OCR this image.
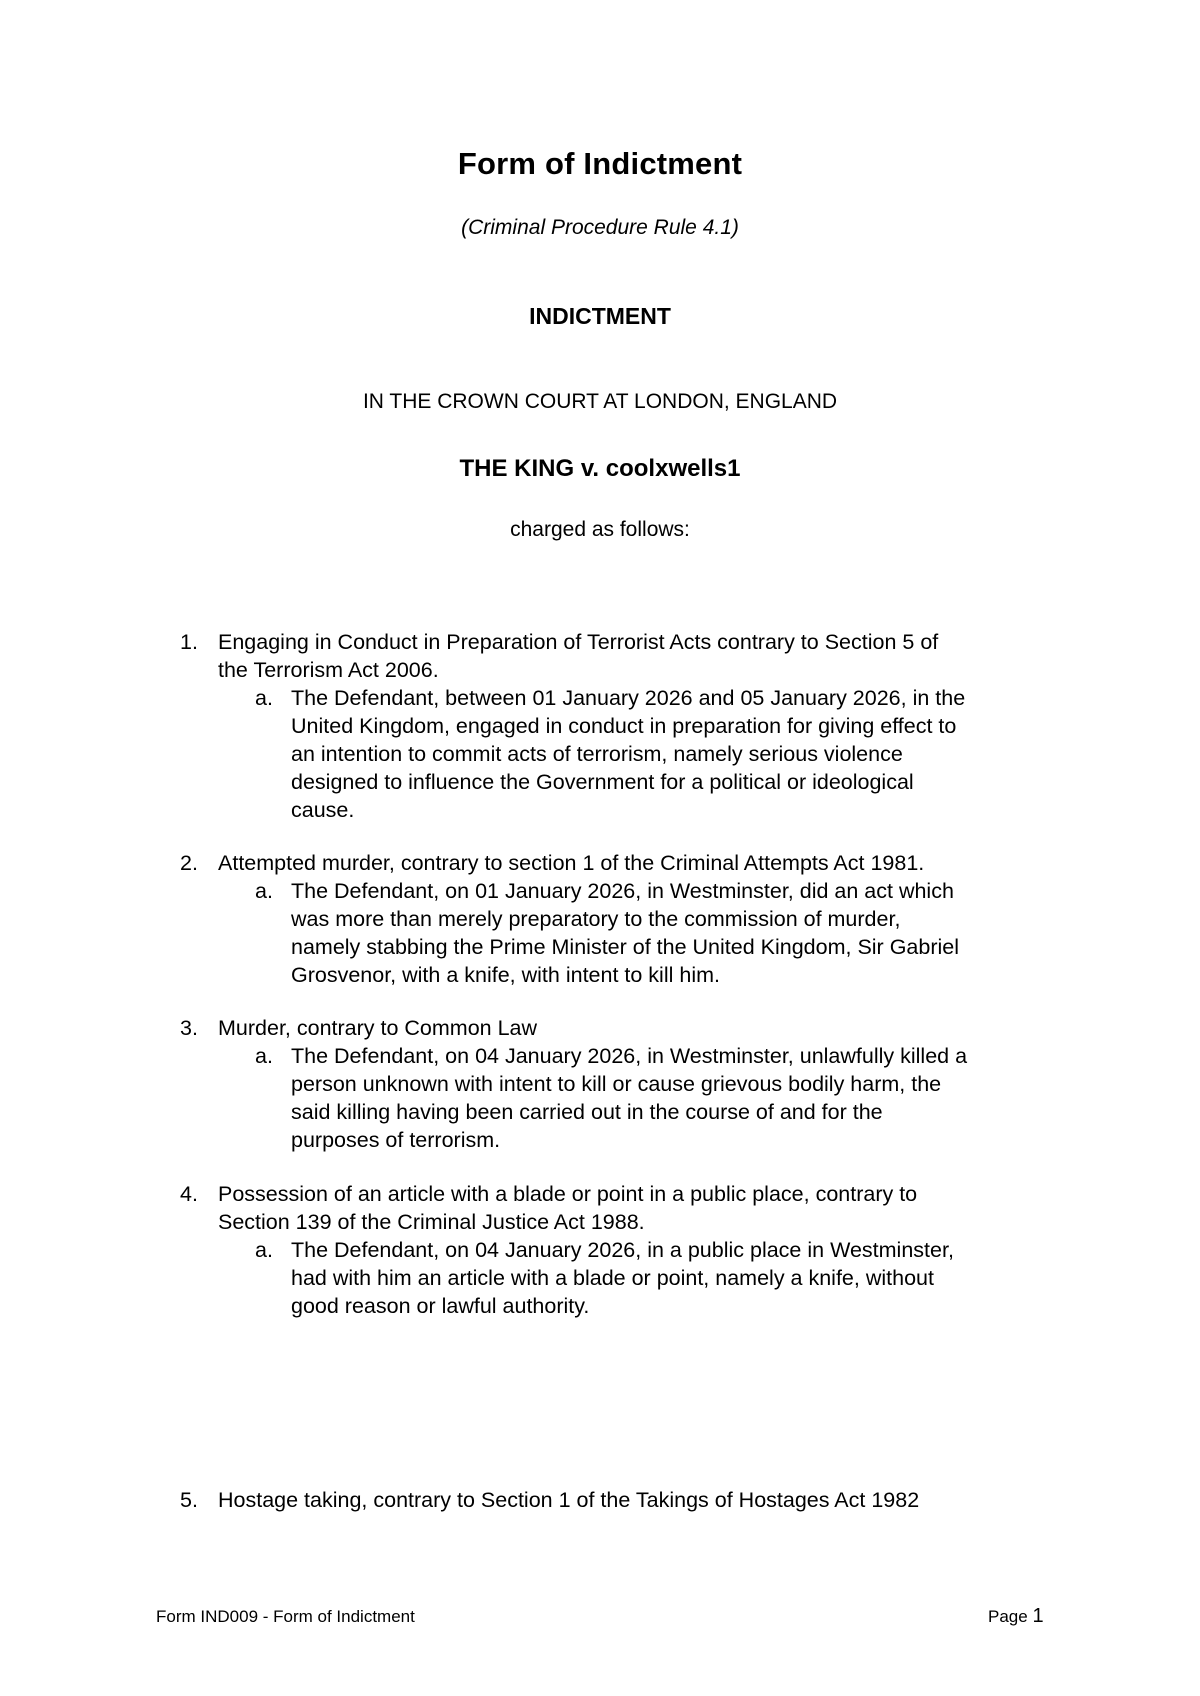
Form of Indictment
(Criminal Procedure Rule 4.1)
INDICTMENT
IN THE CROWN COURT AT LONDON, ENGLAND
THE KING v. coolxwells1
charged as follows:
1. Engaging in Conduct in Preparation of Terrorist Acts contrary to Section 5 of
the Terrorism Act 2006.
a. The Defendant, between 01 January 2026 and 05 January 2026, in the
United Kingdom, engaged in conduct in preparation for giving effect to
an intention to commit acts of terrorism, namely serious violence
designed to influence the Government for a political or ideological
cause.
2. Attempted murder, contrary to section 1 of the Criminal Attempts Act 1981.
a. The Defendant, on 01 January 2026, in Westminster, did an act which
was more than merely preparatory to the commission of murder,
namely stabbing the Prime Minister of the United Kingdom, Sir Gabriel
Grosvenor, with a knife, with intent to kill him.
3. Murder, contrary to Common Law
a. The Defendant, on 04 January 2026, in Westminster, unlawfully killed a
person unknown with intent to kill or cause grievous bodily harm, the
said killing having been carried out in the course of and for the
purposes of terrorism.
4. Possession of an article with a blade or point in a public place, contrary to
Section 139 of the Criminal Justice Act 1988.
a. The Defendant, on 04 January 2026, in a public place in Westminster,
had with him an article with a blade or point, namely a knife, without
good reason or lawful authority.
5. Hostage taking, contrary to Section 1 of the Takings of Hostages Act 1982
Form IND009 - Form of Indictment	Page 1
